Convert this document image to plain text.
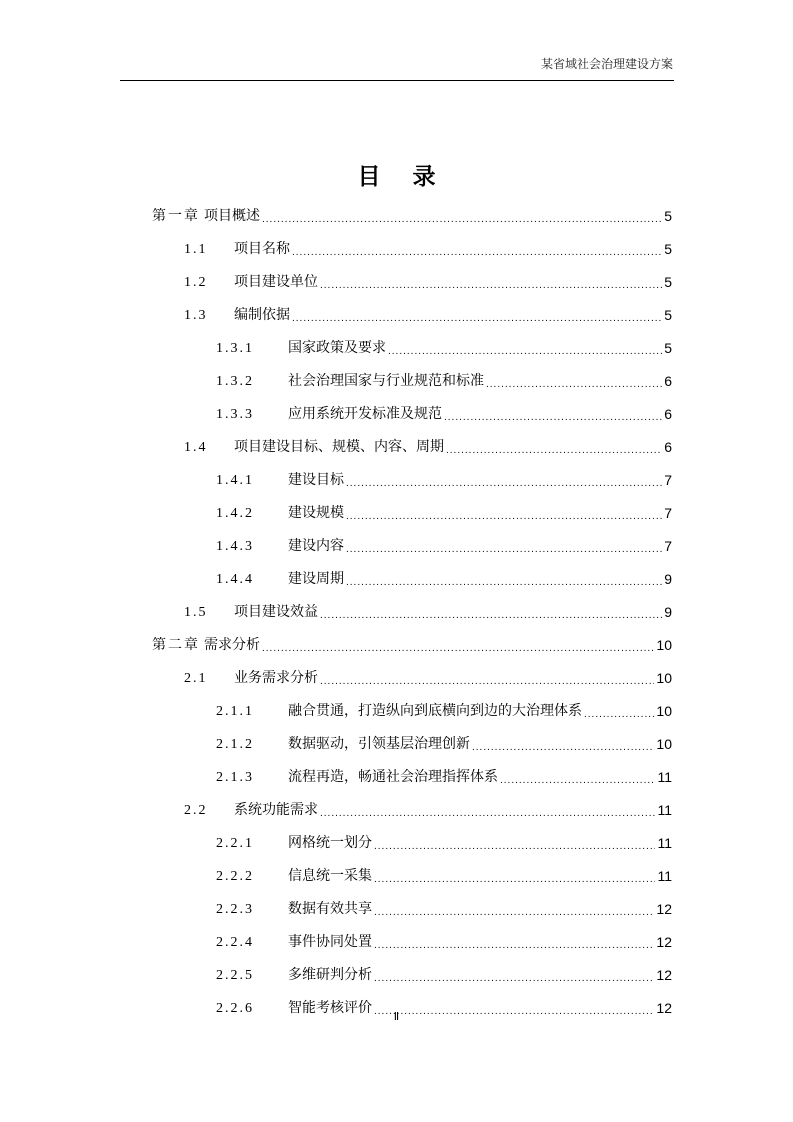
某省域社会治理建设方案
目 录
第一章 项目概述 .....	5
1.1	项目名称 .....	5
1.2	项目建设单位 .....	5
1.3	编制依据 .....	5
1.3.1	国家政策及要求 .....	5
1.3.2	社会治理国家与行业规范和标准 .....	6
1.3.3	应用系统开发标准及规范 .....	6
1.4	项目建设目标、规模、内容、周期 .....	6
1.4.1	建设目标 .....	7
1.4.2	建设规模 .....	7
1.4.3	建设内容 .....	7
1.4.4	建设周期 .....	9
1.5	项目建设效益 .....	9
第二章 需求分析 .....	10
2.1	业务需求分析 .....	10
2.1.1	融合贯通，打造纵向到底横向到边的大治理体系 .....	10
2.1.2	数据驱动，引领基层治理创新 .....	10
2.1.3	流程再造，畅通社会治理指挥体系 .....	11
2.2	系统功能需求 .....	11
2.2.1	网格统一划分 .....	11
2.2.2	信息统一采集 .....	11
2.2.3	数据有效共享 .....	12
2.2.4	事件协同处置 .....	12
2.2.5	多维研判分析 .....	12
2.2.6	智能考核评价 .....	12
Ⅱ
